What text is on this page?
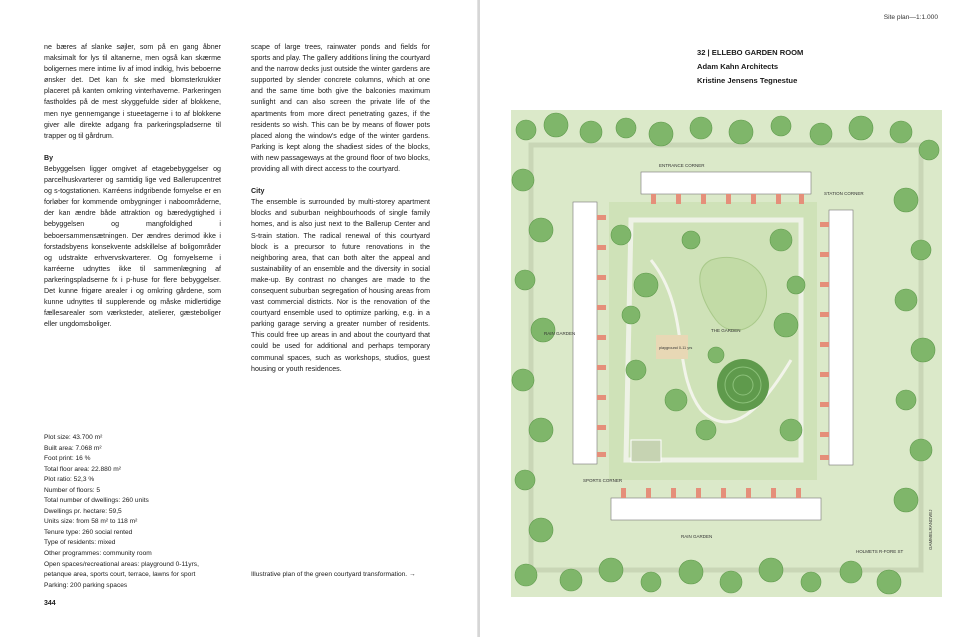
ne bæres af slanke søjler, som på en gang åbner maksimalt for lys til altanerne, men også kan skærme boligernes mere intime liv af imod indkig, hvis beboerne ønsker det. Det kan fx ske med blomsterkrukker placeret på kanten omkring vinterhaverne. Parkeringen fastholdes på de mest skyggefulde sider af blokkene, men nye gennemgange i stueetagerne i to af blokkene giver alle direkte adgang fra parkeringspladserne til trapper og til gårdrum.

By

Bebyggelsen ligger omgivet af etagebebyggelser og parcelhuskvarterer og samtidig lige ved Ballerupcentret og s-togstationen. Karréens indgribende fornyelse er en forløber for kommende ombygninger i naboområderne, der kan ændre både attraktion og bæredygtighed i bebyggelsen og mangfoldighed i beboersammensætningen. Der ændres derimod ikke i forstadsbyens konsekvente adskillelse af boligområder og udstrakte erhvervskvarterer. Og fornyelserne i karréerne udnyttes ikke til sammenlægning af parkeringspladserne fx i p-huse for flere bebyggelser. Det kunne frigøre arealer i og omkring gårdene, som kunne udnyttes til supplerende og måske midlertidige fællesarealer som værksteder, atelierer, gæsteboliger eller ungdomsboliger.

scape of large trees, rainwater ponds and fields for sports and play. The gallery additions lining the courtyard and the narrow decks just outside the winter gardens are supported by slender concrete columns, which at one and the same time both give the balconies maximum sunlight and can also screen the private life of the apartments from more direct penetrating gazes, if the residents so wish. This can be by means of flower pots placed along the window's edge of the winter gardens. Parking is kept along the shadiest sides of the blocks, with new passageways at the ground floor of two blocks, providing all with direct access to the courtyard.

City

The ensemble is surrounded by multi-storey apartment blocks and suburban neighbourhoods of single family homes, and is also just next to the Ballerup Center and S-train station. The radical renewal of this courtyard block is a precursor to future renovations in the neighboring area, that can both alter the appeal and sustainability of an ensemble and the diversity in social make-up. By contrast no changes are made to the consequent suburban segregation of housing areas from vast commercial districts. Nor is the renovation of the courtyard ensemble used to optimize parking, e.g. in a parking garage serving a greater number of residents. This could free up areas in and about the courtyard that could be used for additional and perhaps temporary communal spaces, such as workshops, studios, guest housing or youth residences.

Plot size: 43.700 m²
Built area: 7.068 m²
Foot print: 16 %
Total floor area: 22.880 m²
Plot ratio: 52,3 %
Number of floors: 5
Total number of dwellings: 260 units
Dwellings pr. hectare: 59,5
Units size: from 58 m² to 118 m²
Tenure type: 260 social rented
Type of residents: mixed
Other programmes: community room
Open spaces/recreational areas: playground 0-11yrs,
petanque area, sports court, terrace, lawns for sport
Parking: 200 parking spaces
Illustrative plan of the green courtyard transformation. →
344
Site plan—1:1.000
32 | ELLEBO GARDEN ROOM
Adam Kahn Architects
Kristine Jensens Tegnestue
ENTRANCE CORNER
STATION CORNER
RAIN GARDEN
THE GARDEN
playground 0-11 yrs
SPORTS CORNER
RAIN GARDEN	GAMMELRANDVEJ
HOLMETS R-FORE ST
